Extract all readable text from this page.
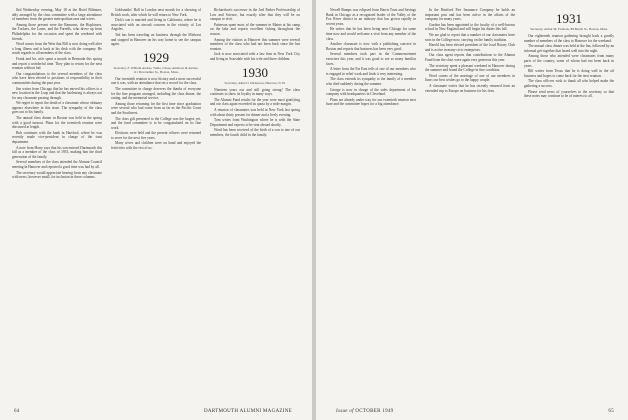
lled Wednesday evening, May 18 at the Hotel Biltmore, ably arranged by the class committee with a large attendance of members from the greater metropolitan area and wives.

Among those present were the Ransoms, the Hopkinses, the Tuckers, the Lanes, and the Farrells, who drove up from Philadelphia for the occasion and spent the weekend with friends.

Word comes from the West that Bill is now doing well after a long illness and is back at his desk with the company. He sends regards to all members of the class.

Frank and his wife spent a month in Bermuda this spring and report a wonderful time. They plan to return for the next reunion without fail.

Our congratulations to the several members of the class who have been elected to positions of responsibility in their communities during the past year.

Jim writes from Chicago that he has moved his offices to a new location in the Loop and that the latchstring is always out for any classmate passing through.

We regret to report the death of a classmate whose obituary appears elsewhere in this issue. The sympathy of the class goes out to his family.

The annual class dinner in Boston was held in the spring with a good turnout. Plans for the twentieth reunion were discussed at length.

Bob continues with the bank in Hartford, where he was recently made vice-president in charge of the trust department.

A note from Harry says that his son entered Dartmouth this fall as a member of the class of 1953, making him the third generation of the family.

Several members of the class attended the Alumni Council meeting in Hanover and reported a good time was had by all.

The secretary would appreciate hearing from any classmate with news, however small, for inclusion in these columns.

Goldsmiths' Hall in London next month for a showing of British work, after which he will return to New York.

Dick's son is married and living in California, where he is associated with an aircraft concern in the vicinity of Los Angeles.

Ted has been traveling on business through the Midwest and stopped in Hanover on his way home to see the campus again.

1929
Secretary, F. William Andres, Tuttle, Chase, Ambrose & Andres, 111 Devonshire St., Boston, Mass.

Our twentieth reunion is now history and a most successful one it was, with an attendance that set a record for the class.

The committee in charge deserves the thanks of everyone for the fine program arranged, including the class dinner, the outing, and the memorial service.

Among those returning for the first time since graduation were several who had come from as far as the Pacific Coast and the Southwest.

The class gift presented to the College was the largest yet, and the fund committee is to be congratulated on its fine work.

Elections were held and the present officers were returned to serve for the next five years.

Many wives and children were on hand and enjoyed the festivities with the rest of us.

Richardson's successor in the Joel Parker Professorship of Law and Science, but exactly after that they will be on campus to visit.

Patterson spent most of the summer in Maine at his camp on the lake and reports excellent fishing throughout the season.

Among the visitors to Hanover this summer were several members of the class who had not been back since the last reunion.

Jack is now associated with a law firm in New York City and living in Scarsdale with his wife and three children.

1930
Secretary, Albert I. Dickerson, Hanover, N. H.

Nineteen years out and still going strong! The class continues to show its loyalty in many ways.

The Alumni Fund results for the year were most gratifying and our class again exceeded its quota by a wide margin.

A reunion of classmates was held in New York last spring with about thirty present for dinner and a lively evening.

Tom writes from Washington where he is with the State Department and expects to be sent abroad shortly.

Word has been received of the birth of a son to one of our members, the fourth child in the family.

64	DARTMOUTH ALUMNI MAGAZINE

Newell Bumps was eclipsed from Harris Trust and Savings Bank in Chicago as a recognized leader of the Valley of the Fox River district in an industry that has grown rapidly in recent years.

He writes that he has been living near Chicago for some time now and would welcome a visit from any member of the class.

Another classmate is now with a publishing concern in Boston and reports that business has been very good.

Several members took part in the Commencement exercises this year, and it was good to see so many familiar faces.

A letter from the Far East tells of one of our members who is engaged in relief work and finds it very interesting.

The class extends its sympathy to the family of a member who died suddenly during the summer.

George is now in charge of the sales department of his company with headquarters in Cleveland.

Plans are already under way for our twentieth reunion next June and the committee hopes for a big attendance.

In the Hartford Fire Insurance Company he holds an important post and has been active in the affairs of the company for many years.

Gordon has been appointed to the faculty of a well-known school in New England and will begin his duties this fall.

We are glad to report that a number of our classmates have sons in the College now, carrying on the family tradition.

Harold has been elected president of the local Rotary Club and is active in many civic enterprises.

Our class agent reports that contributions to the Alumni Fund from the class were again very generous this year.

The secretary spent a pleasant weekend in Hanover during the summer and found the College in fine condition.

Word comes of the marriage of one of our members in June; our best wishes go to the happy couple.

A classmate writes that he has recently returned from an extended trip to Europe on business for his firm.

1931
Secretary, Arthur M. Frohock, 89 Beach St., Boston, Mass.

Our eighteenth reunion gathering brought back a goodly number of members of the class to Hanover for the weekend.

The annual class dinner was held at the Inn, followed by an informal get-together that lasted well into the night.

Among those who attended were classmates from many parts of the country, some of whom had not been back in years.

Bill writes from Texas that he is doing well in the oil business and hopes to come back for the next reunion.

The class officers wish to thank all who helped make the gathering a success.

Please send news of yourselves to the secretary so that these notes may continue to be of interest to all.

Issue of OCTOBER 1949	65
